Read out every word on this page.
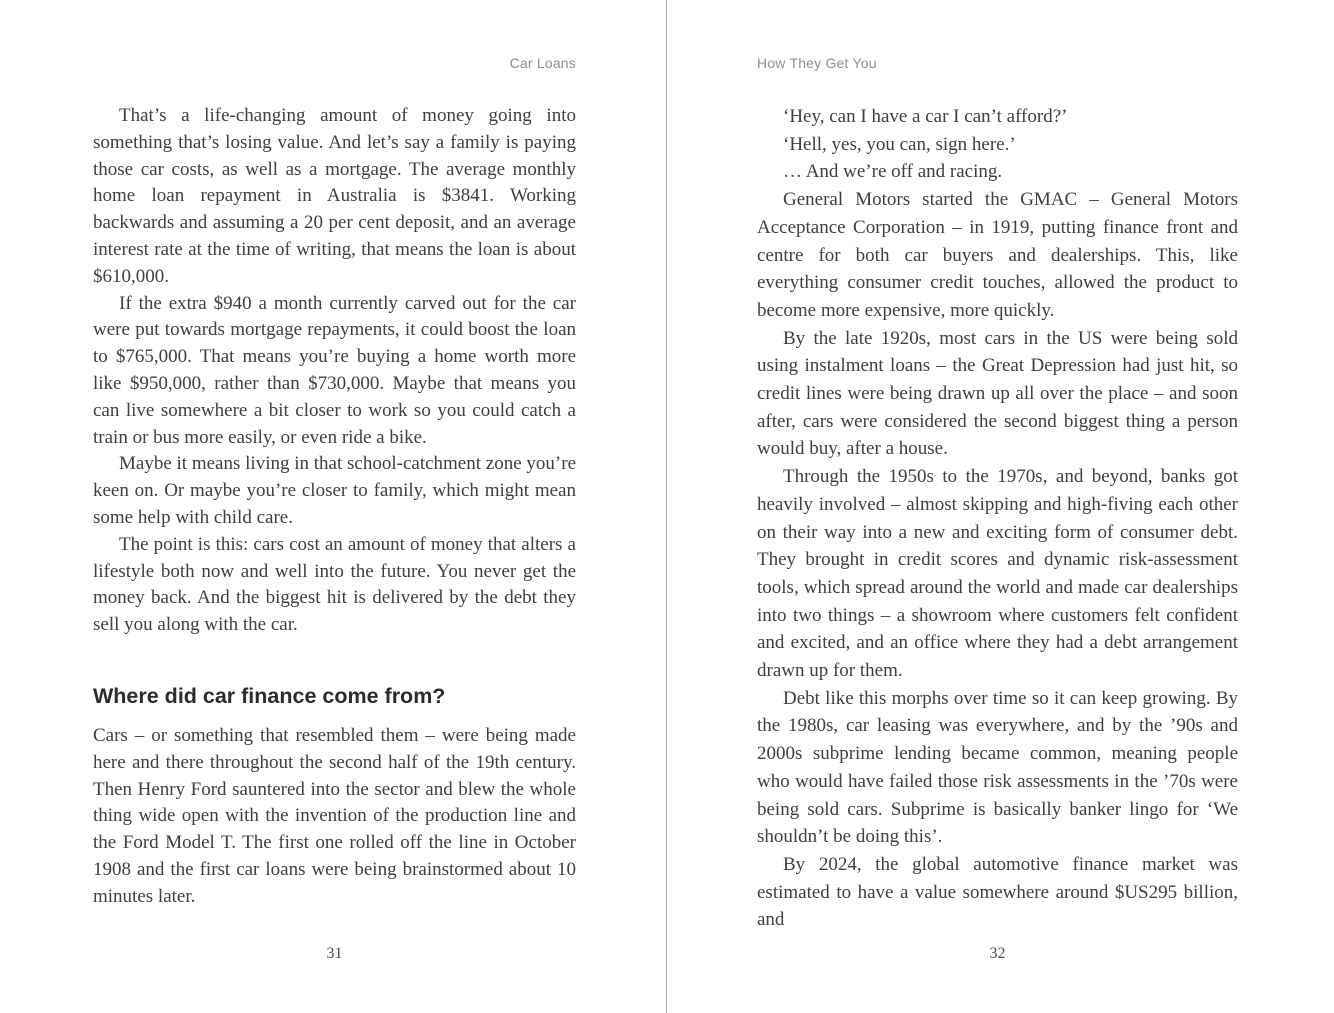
Car Loans

That’s a life-changing amount of money going into something that’s losing value. And let’s say a family is paying those car costs, as well as a mortgage. The average monthly home loan repayment in Australia is $3841. Working backwards and assuming a 20 per cent deposit, and an average interest rate at the time of writing, that means the loan is about $610,000.

If the extra $940 a month currently carved out for the car were put towards mortgage repayments, it could boost the loan to $765,000. That means you’re buying a home worth more like $950,000, rather than $730,000. Maybe that means you can live somewhere a bit closer to work so you could catch a train or bus more easily, or even ride a bike.

Maybe it means living in that school-catchment zone you’re keen on. Or maybe you’re closer to family, which might mean some help with child care.

The point is this: cars cost an amount of money that alters a lifestyle both now and well into the future. You never get the money back. And the biggest hit is delivered by the debt they sell you along with the car.

Where did car finance come from?

Cars – or something that resembled them – were being made here and there throughout the second half of the 19th century. Then Henry Ford sauntered into the sector and blew the whole thing wide open with the invention of the production line and the Ford Model T. The first one rolled off the line in October 1908 and the first car loans were being brainstormed about 10 minutes later.

31
How They Get You

‘Hey, can I have a car I can’t afford?’

‘Hell, yes, you can, sign here.’

… And we’re off and racing.

General Motors started the GMAC – General Motors Acceptance Corporation – in 1919, putting finance front and centre for both car buyers and dealerships. This, like everything consumer credit touches, allowed the product to become more expensive, more quickly.

By the late 1920s, most cars in the US were being sold using instalment loans – the Great Depression had just hit, so credit lines were being drawn up all over the place – and soon after, cars were considered the second biggest thing a person would buy, after a house.

Through the 1950s to the 1970s, and beyond, banks got heavily involved – almost skipping and high-fiving each other on their way into a new and exciting form of consumer debt. They brought in credit scores and dynamic risk-assessment tools, which spread around the world and made car dealerships into two things – a showroom where customers felt confident and excited, and an office where they had a debt arrangement drawn up for them.

Debt like this morphs over time so it can keep growing. By the 1980s, car leasing was everywhere, and by the ’90s and 2000s subprime lending became common, meaning people who would have failed those risk assessments in the ’70s were being sold cars. Subprime is basically banker lingo for ‘We shouldn’t be doing this’.

By 2024, the global automotive finance market was estimated to have a value somewhere around $US295 billion, and

32
